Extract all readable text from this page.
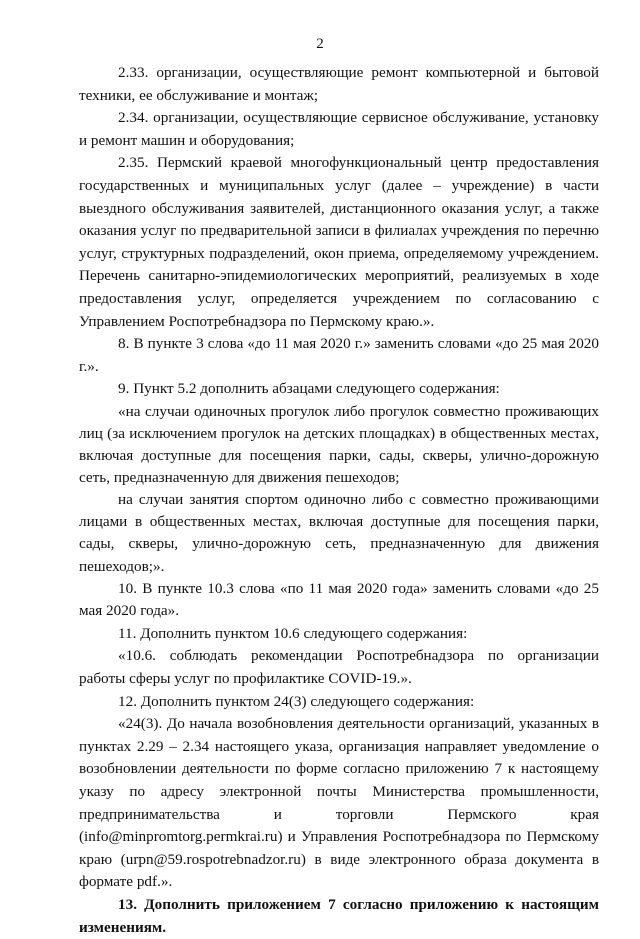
2

2.33. организации, осуществляющие ремонт компьютерной и бытовой техники, ее обслуживание и монтаж;

2.34. организации, осуществляющие сервисное обслуживание, установку и ремонт машин и оборудования;

2.35. Пермский краевой многофункциональный центр предоставления государственных и муниципальных услуг (далее – учреждение) в части выездного обслуживания заявителей, дистанционного оказания услуг, а также оказания услуг по предварительной записи в филиалах учреждения по перечню услуг, структурных подразделений, окон приема, определяемому учреждением. Перечень санитарно-эпидемиологических мероприятий, реализуемых в ходе предоставления услуг, определяется учреждением по согласованию с Управлением Роспотребнадзора по Пермскому краю.».

8. В пункте 3 слова «до 11 мая 2020 г.» заменить словами «до 25 мая 2020 г.».

9. Пункт 5.2 дополнить абзацами следующего содержания:

«на случаи одиночных прогулок либо прогулок совместно проживающих лиц (за исключением прогулок на детских площадках) в общественных местах, включая доступные для посещения парки, сады, скверы, улично-дорожную сеть, предназначенную для движения пешеходов;

на случаи занятия спортом одиночно либо с совместно проживающими лицами в общественных местах, включая доступные для посещения парки, сады, скверы, улично-дорожную сеть, предназначенную для движения пешеходов;».

10. В пункте 10.3 слова «по 11 мая 2020 года» заменить словами «до 25 мая 2020 года».

11. Дополнить пунктом 10.6 следующего содержания:

«10.6. соблюдать рекомендации Роспотребнадзора по организации работы сферы услуг по профилактике COVID-19.».

12. Дополнить пунктом 24(3) следующего содержания:

«24(3). До начала возобновления деятельности организаций, указанных в пунктах 2.29 – 2.34 настоящего указа, организация направляет уведомление о возобновлении деятельности по форме согласно приложению 7 к настоящему указу по адресу электронной почты Министерства промышленности, предпринимательства и торговли Пермского края (info@minpromtorg.permkrai.ru) и Управления Роспотребнадзора по Пермскому краю (urpn@59.rospotrebnadzor.ru) в виде электронного образа документа в формате pdf.».

13. Дополнить приложением 7 согласно приложению к настоящим изменениям.
